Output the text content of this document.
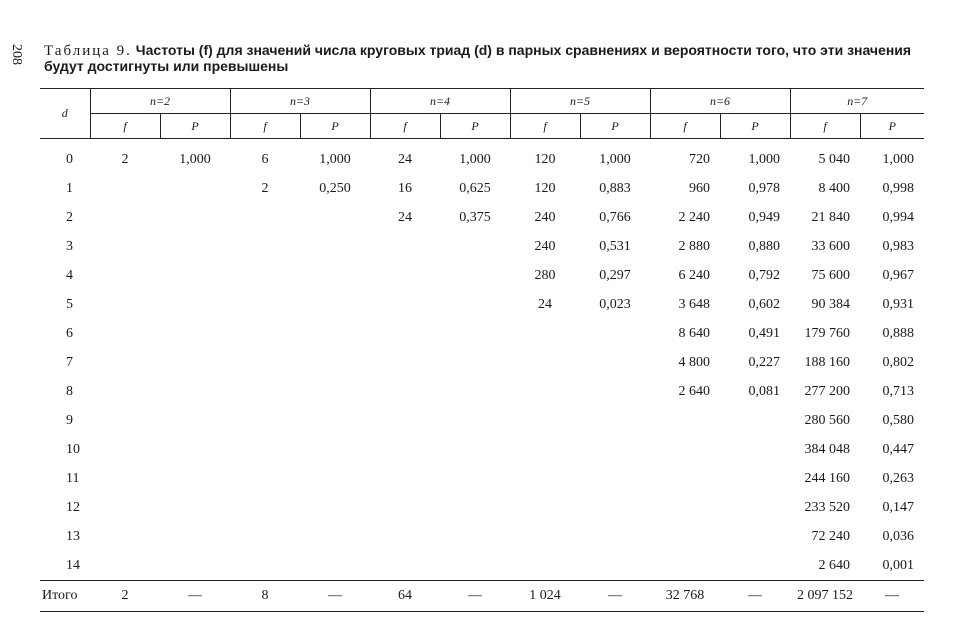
208 Таблица 9. Частоты (f) для значений числа круговых триад (d) в парных сравнениях и вероятности того, что эти значения будут достигнуты или превышены
d	n=2		n=3		n=4		n=5		n=6		n=7	
	f	P	f	P	f	P	f	P	f	P	f	P
0	2	1,000	6	1,000	24	1,000	120	1,000	720	1,000	5 040	1,000
1			2	0,250	16	0,625	120	0,883	960	0,978	8 400	0,998
2					24	0,375	240	0,766	2 240	0,949	21 840	0,994
3							240	0,531	2 880	0,880	33 600	0,983
4							280	0,297	6 240	0,792	75 600	0,967
5							24	0,023	3 648	0,602	90 384	0,931
6									8 640	0,491	179 760	0,888
7									4 800	0,227	188 160	0,802
8									2 640	0,081	277 200	0,713
9											280 560	0,580
10											384 048	0,447
11											244 160	0,263
12											233 520	0,147
13											72 240	0,036
14											2 640	0,001
Итого	2	—	8	—	64	—	1 024	—	32 768	—	2 097 152	—
